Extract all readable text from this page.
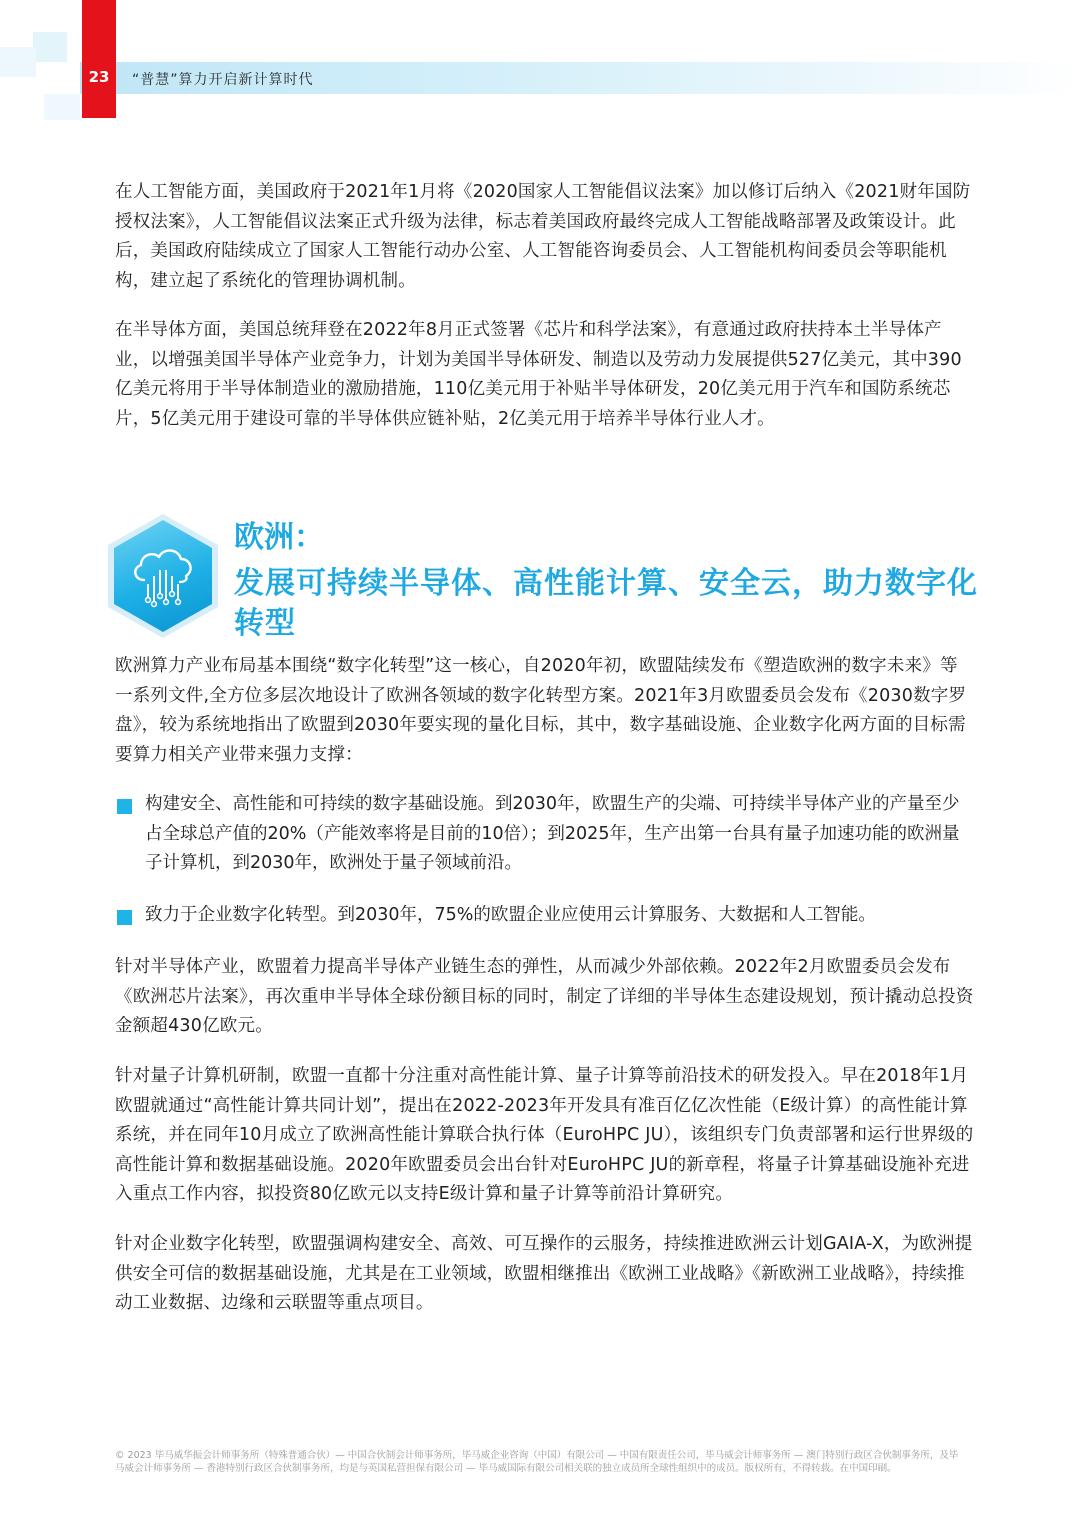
23	“普慧”算力开启新计算时代

在人工智能方面，美国政府于2021年1月将《2020国家人工智能倡议法案》加以修订后纳入《2021财年国防授权法案》，人工智能倡议法案正式升级为法律，标志着美国政府最终完成人工智能战略部署及政策设计。此后，美国政府陆续成立了国家人工智能行动办公室、人工智能咨询委员会、人工智能机构间委员会等职能机构，建立起了系统化的管理协调机制。

在半导体方面，美国总统拜登在2022年8月正式签署《芯片和科学法案》，有意通过政府扶持本土半导体产业，以增强美国半导体产业竞争力，计划为美国半导体研发、制造以及劳动力发展提供527亿美元，其中390亿美元将用于半导体制造业的激励措施，110亿美元用于补贴半导体研发，20亿美元用于汽车和国防系统芯片，5亿美元用于建设可靠的半导体供应链补贴，2亿美元用于培养半导体行业人才。

欧洲：
发展可持续半导体、高性能计算、安全云，助力数字化转型

欧洲算力产业布局基本围绕“数字化转型”这一核心，自2020年初，欧盟陆续发布《塑造欧洲的数字未来》等一系列文件,全方位多层次地设计了欧洲各领域的数字化转型方案。2021年3月欧盟委员会发布《2030数字罗盘》，较为系统地指出了欧盟到2030年要实现的量化目标，其中，数字基础设施、企业数字化两方面的目标需要算力相关产业带来强力支撑：

构建安全、高性能和可持续的数字基础设施。到2030年，欧盟生产的尖端、可持续半导体产业的产量至少占全球总产值的20%（产能效率将是目前的10倍）；到2025年，生产出第一台具有量子加速功能的欧洲量子计算机，到2030年，欧洲处于量子领域前沿。

致力于企业数字化转型。到2030年，75%的欧盟企业应使用云计算服务、大数据和人工智能。

针对半导体产业，欧盟着力提高半导体产业链生态的弹性，从而减少外部依赖。2022年2月欧盟委员会发布《欧洲芯片法案》，再次重申半导体全球份额目标的同时，制定了详细的半导体生态建设规划，预计撬动总投资金额超430亿欧元。

针对量子计算机研制，欧盟一直都十分注重对高性能计算、量子计算等前沿技术的研发投入。早在2018年1月欧盟就通过“高性能计算共同计划”，提出在2022-2023年开发具有准百亿亿次性能（E级计算）的高性能计算系统，并在同年10月成立了欧洲高性能计算联合执行体（EuroHPC JU），该组织专门负责部署和运行世界级的高性能计算和数据基础设施。2020年欧盟委员会出台针对EuroHPC JU的新章程，将量子计算基础设施补充进入重点工作内容，拟投资80亿欧元以支持E级计算和量子计算等前沿计算研究。

针对企业数字化转型，欧盟强调构建安全、高效、可互操作的云服务，持续推进欧洲云计划GAIA-X，为欧洲提供安全可信的数据基础设施，尤其是在工业领域，欧盟相继推出《欧洲工业战略》《新欧洲工业战略》，持续推动工业数据、边缘和云联盟等重点项目。

© 2023 毕马威华振会计师事务所（特殊普通合伙）— 中国合伙制会计师事务所，毕马威企业咨询（中国）有限公司 — 中国有限责任公司，毕马威会计师事务所 — 澳门特别行政区合伙制事务所，及毕马威会计师事务所 — 香港特别行政区合伙制事务所，均是与英国私营担保有限公司 — 毕马威国际有限公司相关联的独立成员所全球性组织中的成员。版权所有，不得转载。在中国印刷。
